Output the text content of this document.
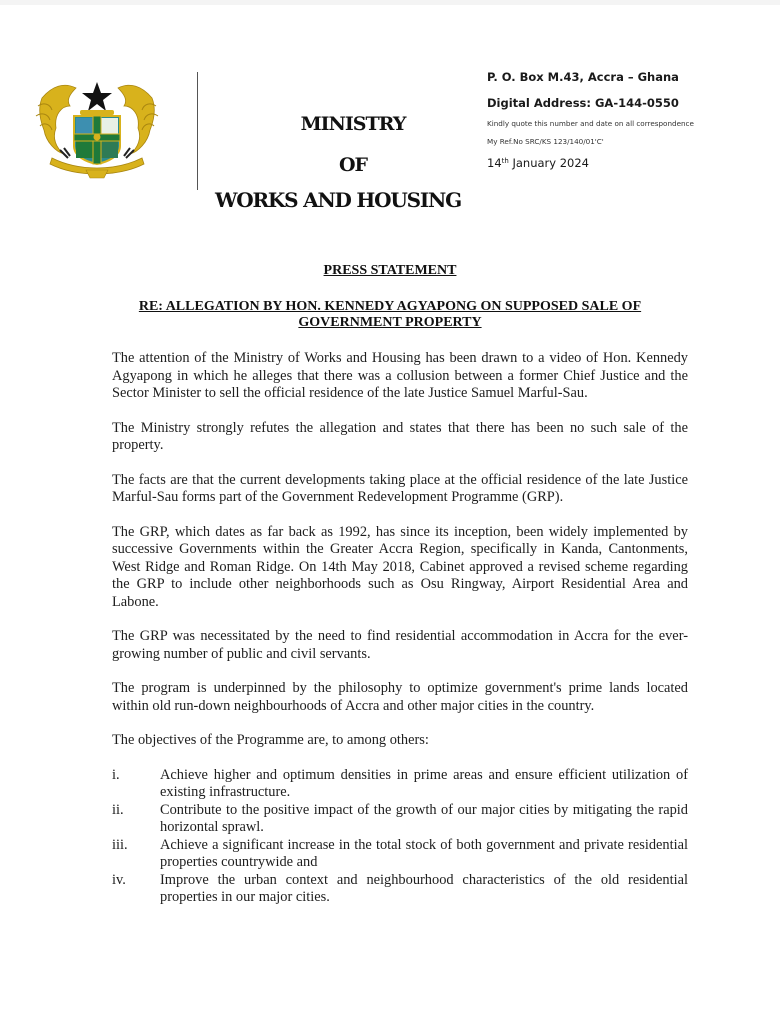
MINISTRY
OF
WORKS AND HOUSING
P. O. Box M.43, Accra – Ghana
Digital Address: GA-144-0550
Kindly quote this number and date on all correspondence
My Ref.No SRC/KS 123/140/01'C'
14th January 2024
PRESS STATEMENT
RE: ALLEGATION BY HON. KENNEDY AGYAPONG ON SUPPOSED SALE OF GOVERNMENT PROPERTY

The attention of the Ministry of Works and Housing has been drawn to a video of Hon. Kennedy Agyapong in which he alleges that there was a collusion between a former Chief Justice and the Sector Minister to sell the official residence of the late Justice Samuel Marful-Sau.

The Ministry strongly refutes the allegation and states that there has been no such sale of the property.

The facts are that the current developments taking place at the official residence of the late Justice Marful-Sau forms part of the Government Redevelopment Programme (GRP).

The GRP, which dates as far back as 1992, has since its inception, been widely implemented by successive Governments within the Greater Accra Region, specifically in Kanda, Cantonments, West Ridge and Roman Ridge. On 14th May 2018, Cabinet approved a revised scheme regarding the GRP to include other neighborhoods such as Osu Ringway, Airport Residential Area and Labone.

The GRP was necessitated by the need to find residential accommodation in Accra for the ever-growing number of public and civil servants.

The program is underpinned by the philosophy to optimize government's prime lands located within old run-down neighbourhoods of Accra and other major cities in the country.

The objectives of the Programme are, to among others:

i.	Achieve higher and optimum densities in prime areas and ensure efficient utilization of existing infrastructure.
ii.	Contribute to the positive impact of the growth of our major cities by mitigating the rapid horizontal sprawl.
iii.	Achieve a significant increase in the total stock of both government and private residential properties countrywide and
iv.	Improve the urban context and neighbourhood characteristics of the old residential properties in our major cities.
